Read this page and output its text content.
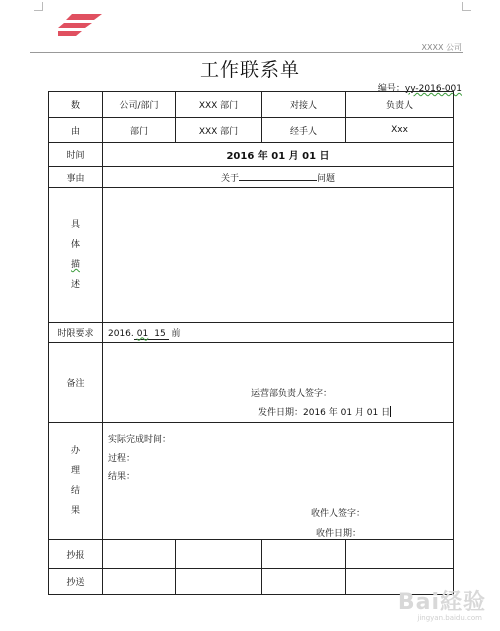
XXXX 公司
工作联系单
编号：yy-2016-001
数	公司/部门	XXX 部门	对接人	负责人
由	部门	XXX 部门	经手人	Xxx
时间	2016 年 01 月 01 日			
事由	关于 问题			

具
体
描
述				

时限要求	2016. 01 15 前			
备注	运营部负责人签字：
发件日期：2016 年 01 月 01 日			

办
理
结
果	实际完成时间：
过程：
结果：
收件人签字：
收件日期：			

抄报				
抄送				
Bai経验
jingyan.baidu.com
